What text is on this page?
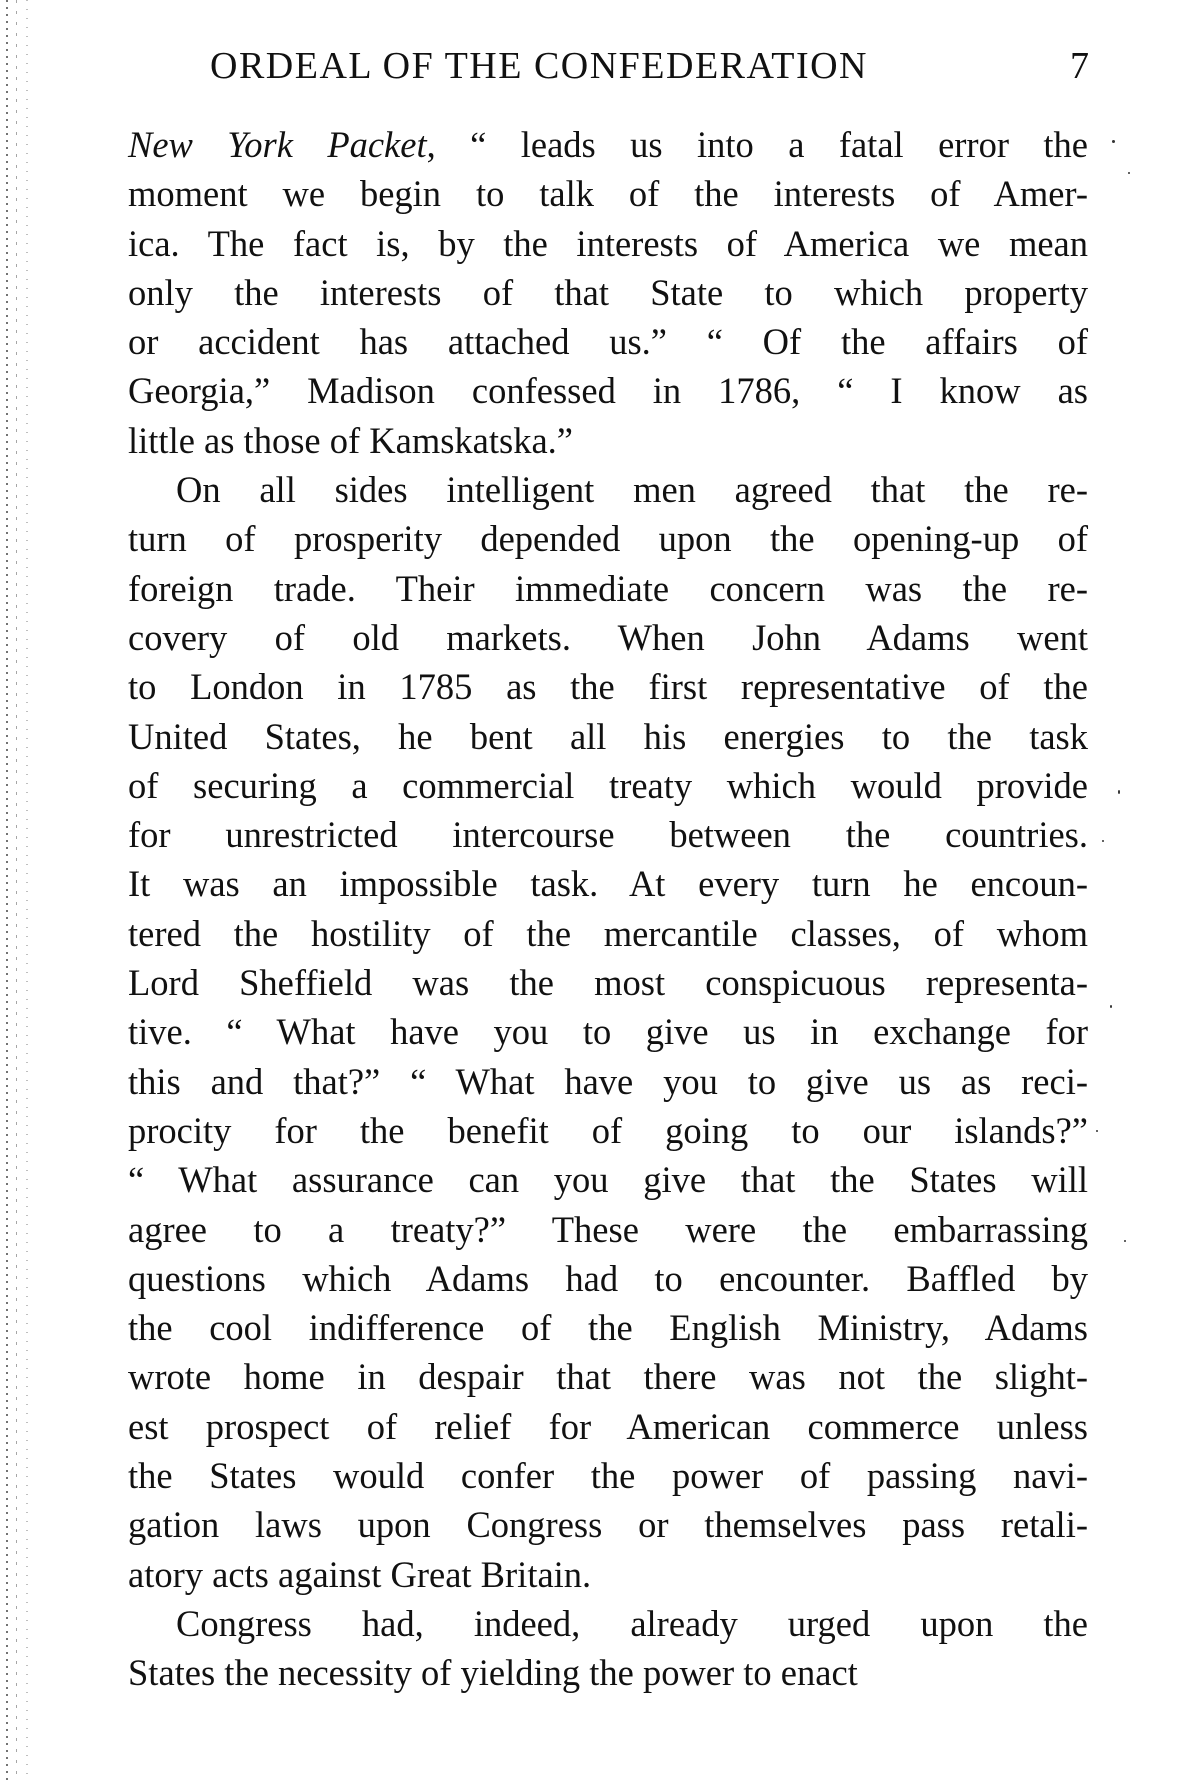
ORDEAL OF THE CONFEDERATION	7
New York Packet, “ leads us into a fatal error the
moment we begin to talk of the interests of Amer-
ica. The fact is, by the interests of America we mean
only the interests of that State to which property
or accident has attached us.” “ Of the affairs of
Georgia,” Madison confessed in 1786, “ I know as
little as those of Kamskatska.”
On all sides intelligent men agreed that the re-
turn of prosperity depended upon the opening-up of
foreign trade. Their immediate concern was the re-
covery of old markets. When John Adams went
to London in 1785 as the first representative of the
United States, he bent all his energies to the task
of securing a commercial treaty which would provide
for unrestricted intercourse between the countries.
It was an impossible task. At every turn he encoun-
tered the hostility of the mercantile classes, of whom
Lord Sheffield was the most conspicuous representa-
tive. “ What have you to give us in exchange for
this and that?” “ What have you to give us as reci-
procity for the benefit of going to our islands?”
“ What assurance can you give that the States will
agree to a treaty?” These were the embarrassing
questions which Adams had to encounter. Baffled by
the cool indifference of the English Ministry, Adams
wrote home in despair that there was not the slight-
est prospect of relief for American commerce unless
the States would confer the power of passing navi-
gation laws upon Congress or themselves pass retali-
atory acts against Great Britain.
Congress had, indeed, already urged upon the
States the necessity of yielding the power to enact
